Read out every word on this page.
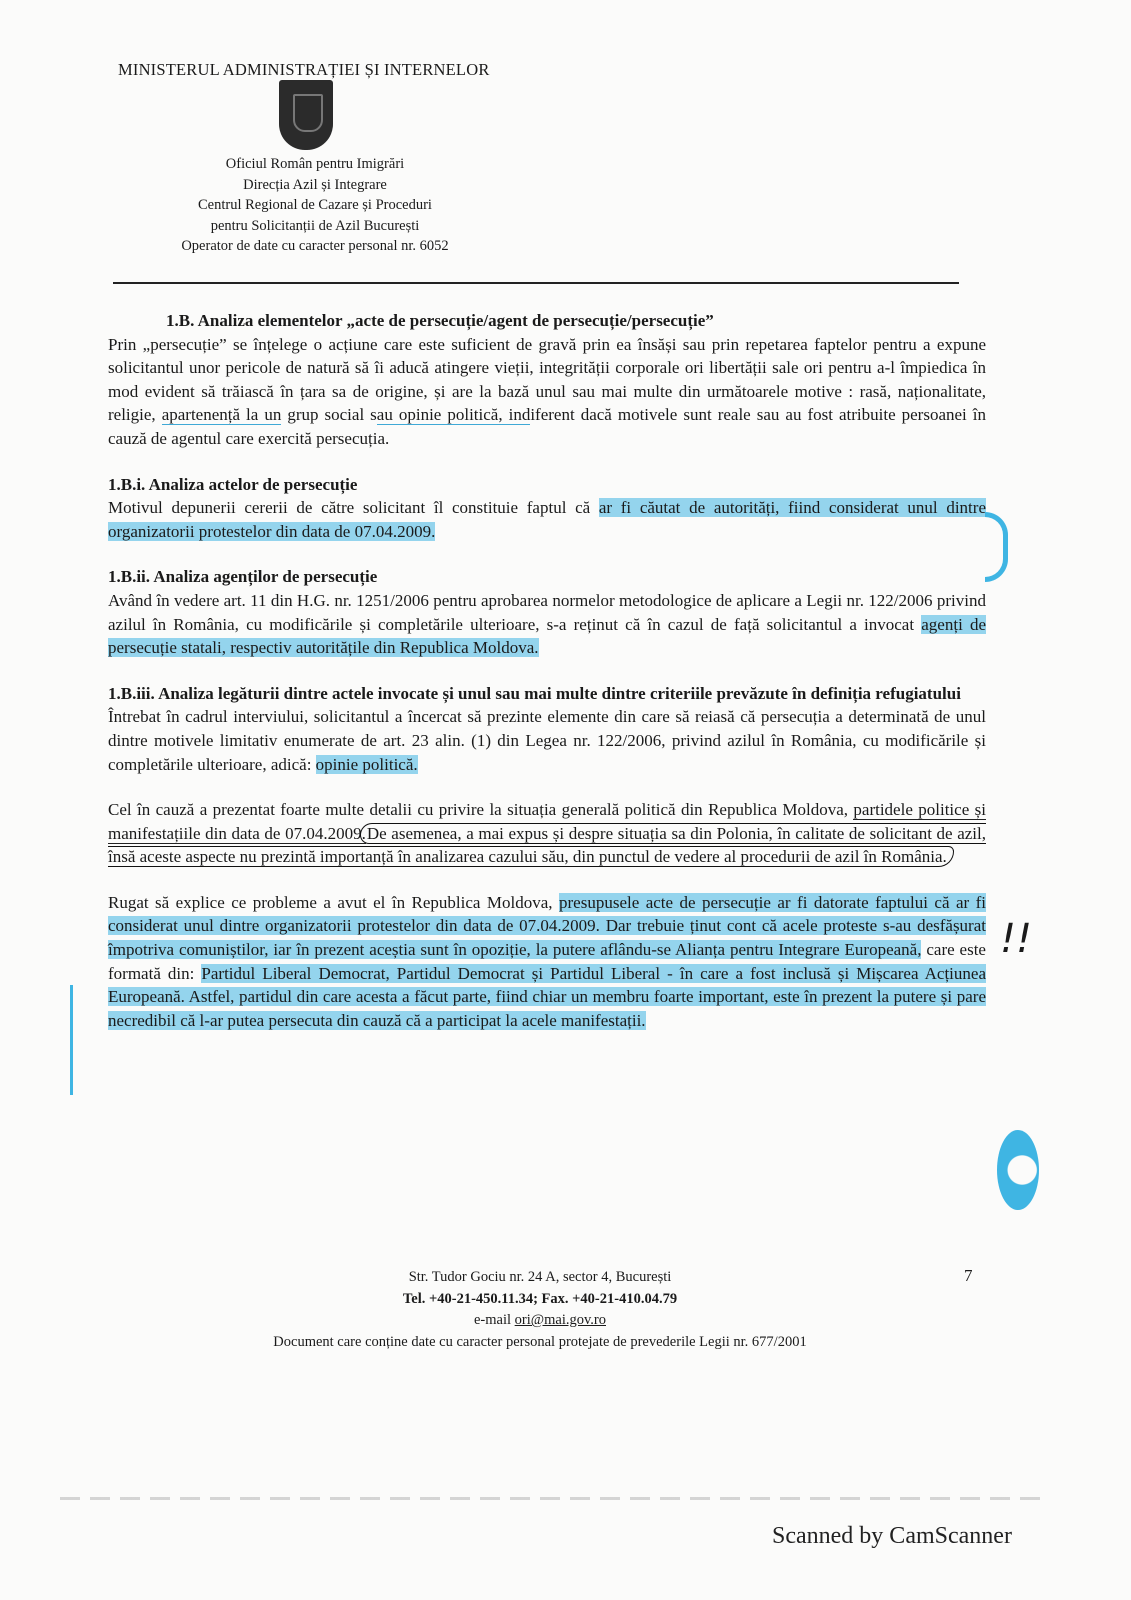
MINISTERUL ADMINISTRAȚIEI ȘI INTERNELOR
Oficiul Român pentru Imigrări
Direcția Azil și Integrare
Centrul Regional de Cazare și Proceduri
pentru Solicitanții de Azil București
Operator de date cu caracter personal nr. 6052
1.B. Analiza elementelor „acte de persecuție/agent de persecuție/persecuție”

Prin „persecuție” se înțelege o acțiune care este suficient de gravă prin ea însăși sau prin repetarea faptelor pentru a expune solicitantul unor pericole de natură să îi aducă atingere vieții, integrității corporale ori libertății sale ori pentru a-l împiedica în mod evident să trăiască în țara sa de origine, și are la bază unul sau mai multe din următoarele motive : rasă, naționalitate, religie, apartenență la un grup social sau opinie politică, indiferent dacă motivele sunt reale sau au fost atribuite persoanei în cauză de agentul care exercită persecuția.

1.B.i. Analiza actelor de persecuție

Motivul depunerii cererii de către solicitant îl constituie faptul că ar fi căutat de autorități, fiind considerat unul dintre organizatorii protestelor din data de 07.04.2009.

1.B.ii. Analiza agenților de persecuție

Având în vedere art. 11 din H.G. nr. 1251/2006 pentru aprobarea normelor metodologice de aplicare a Legii nr. 122/2006 privind azilul în România, cu modificările și completările ulterioare, s-a reținut că în cazul de față solicitantul a invocat agenți de persecuție statali, respectiv autoritățile din Republica Moldova.

1.B.iii. Analiza legăturii dintre actele invocate și unul sau mai multe dintre criteriile prevăzute în definiția refugiatului

Întrebat în cadrul interviului, solicitantul a încercat să prezinte elemente din care să reiasă că persecuția a determinată de unul dintre motivele limitativ enumerate de art. 23 alin. (1) din Legea nr. 122/2006, privind azilul în România, cu modificările și completările ulterioare, adică: opinie politică.

Cel în cauză a prezentat foarte multe detalii cu privire la situația generală politică din Republica Moldova, partidele politice și manifestațiile din data de 07.04.2009.De asemenea, a mai expus și despre situația sa din Polonia, în calitate de solicitant de azil, însă aceste aspecte nu prezintă importanță în analizarea cazului său, din punctul de vedere al procedurii de azil în România.

Rugat să explice ce probleme a avut el în Republica Moldova, presupusele acte de persecuție ar fi datorate faptului că ar fi considerat unul dintre organizatorii protestelor din data de 07.04.2009. Dar trebuie ținut cont că acele proteste s-au desfășurat împotriva comuniștilor, iar în prezent aceștia sunt în opoziție, la putere aflându-se Alianța pentru Integrare Europeană, care este formată din: Partidul Liberal Democrat, Partidul Democrat și Partidul Liberal - în care a fost inclusă și Mișcarea Acțiunea Europeană. Astfel, partidul din care acesta a făcut parte, fiind chiar un membru foarte important, este în prezent la putere și pare necredibil că l-ar putea persecuta din cauză că a participat la acele manifestații.

!!
Str. Tudor Gociu nr. 24 A, sector 4, București
Tel. +40-21-450.11.34; Fax. +40-21-410.04.79
e-mail ori@mai.gov.ro
Document care conține date cu caracter personal protejate de prevederile Legii nr. 677/2001
7
Scanned by CamScanner
